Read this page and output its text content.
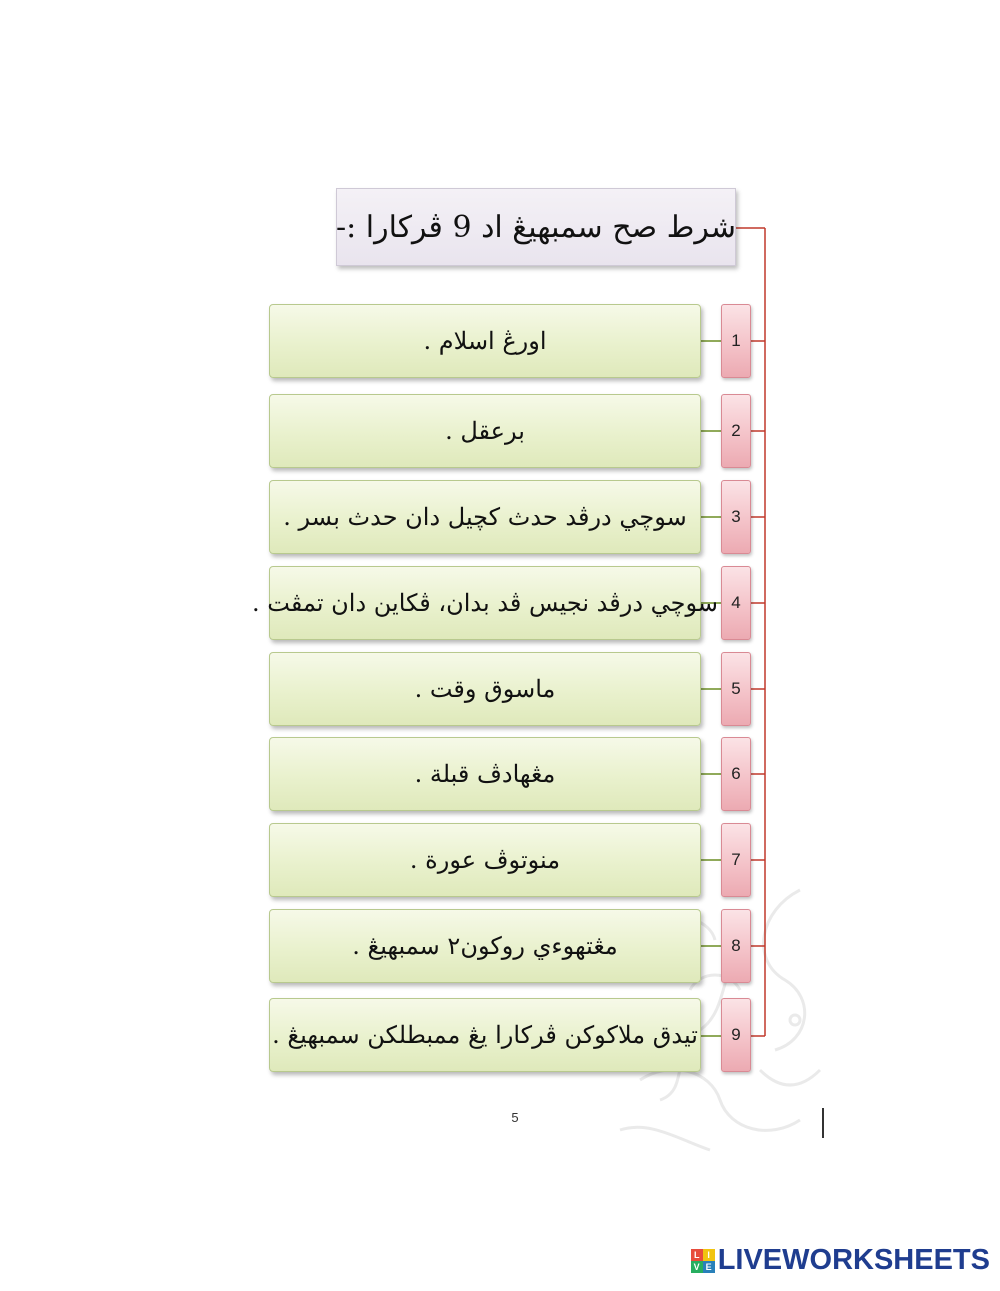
شرط صح سمبهيڠ اد 9 ڤركارا :-
اورڠ اسلام .	1
برعقل .	2
سوچي درڤد حدث کچيل دان حدث بسر .	3
سوچي درڤد نجيس ڤد بدان، ڤکاين دان تمڤت . 4
ماسوق وقت .	5
مڠهادڤ قبلة .	6
منوتوڤ عورة .	7
مڠتهوءي روکون٢ سمبهيڠ .	8
تيدق ملاکوکن ڤرکارا يڠ ممبطلکن سمبهيڠ .	9
5
L I
V E LIVEWORKSHEETS
